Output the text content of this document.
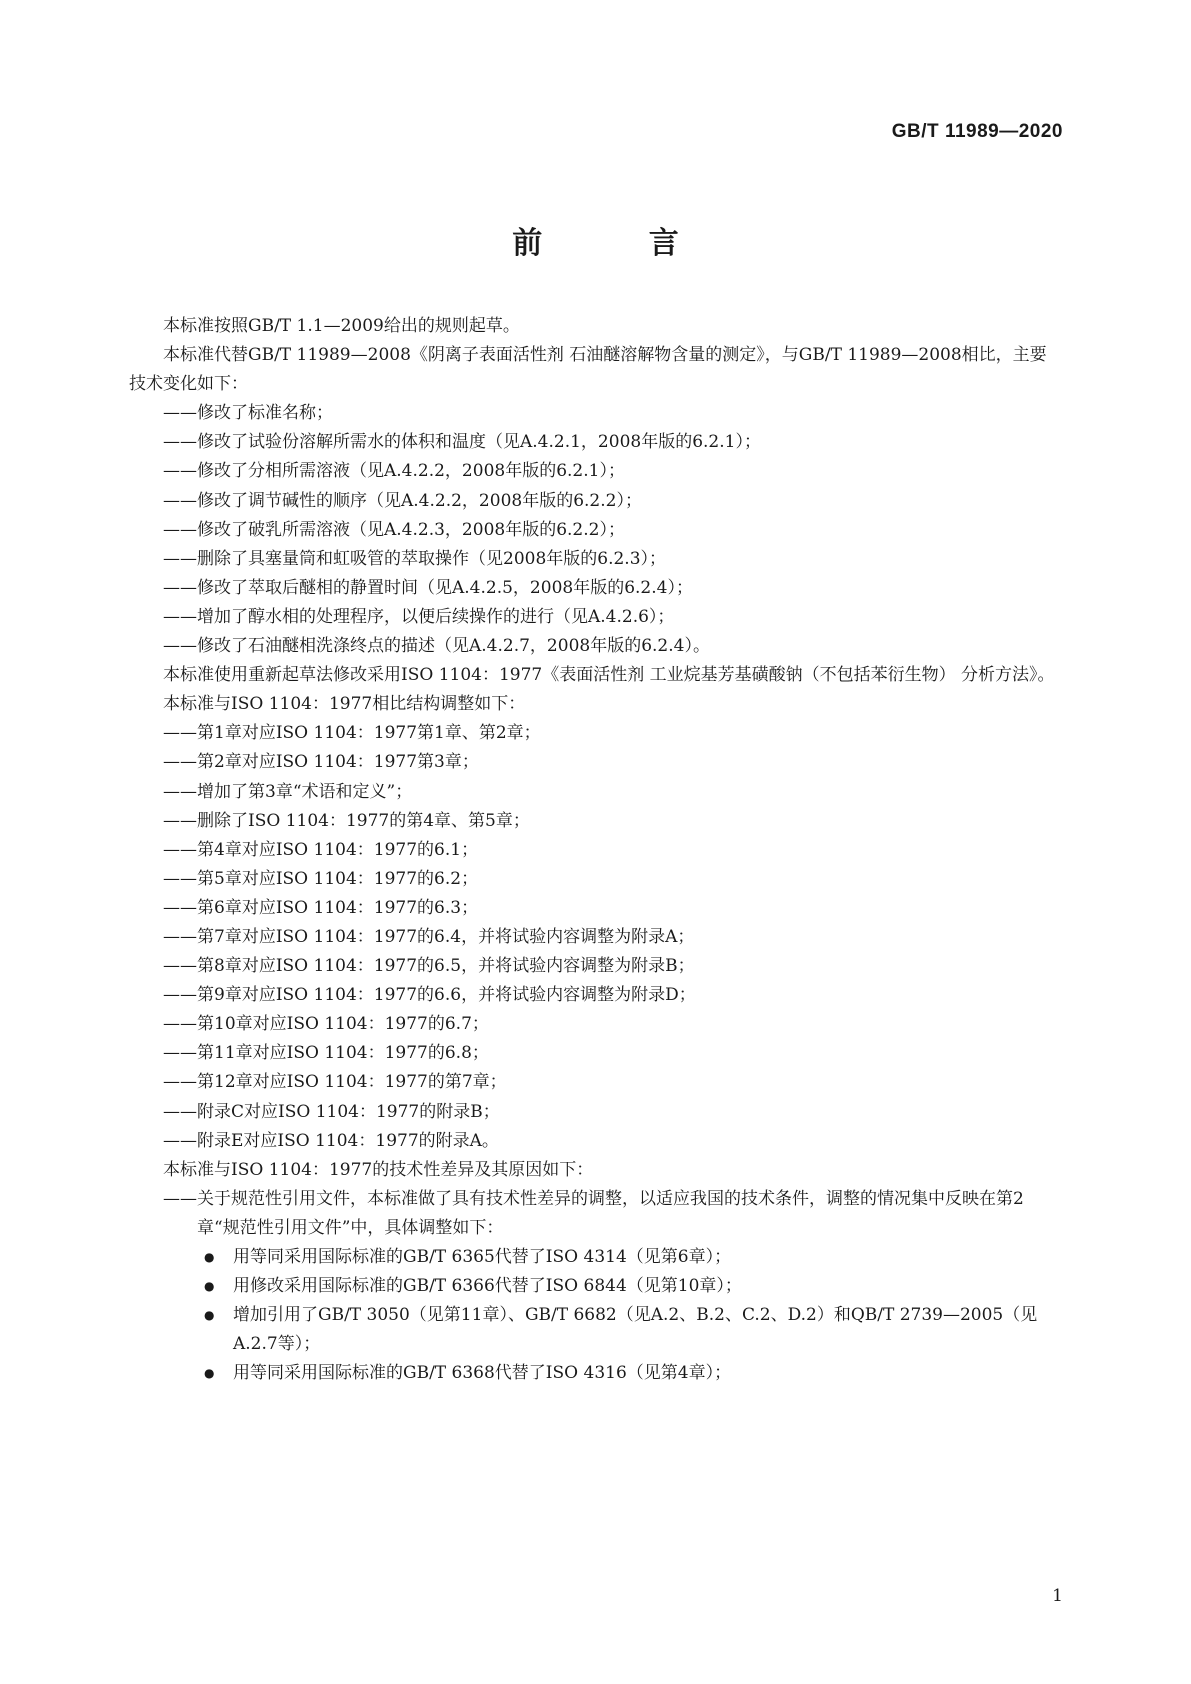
GB/T 11989—2020
前 言
本标准按照GB/T 1.1—2009给出的规则起草。
本标准代替GB/T 11989—2008《阴离子表面活性剂 石油醚溶解物含量的测定》，与GB/T 11989—2008相比，主要技术变化如下：
——修改了标准名称；
——修改了试验份溶解所需水的体积和温度（见A.4.2.1，2008年版的6.2.1）；
——修改了分相所需溶液（见A.4.2.2，2008年版的6.2.1）；
——修改了调节碱性的顺序（见A.4.2.2，2008年版的6.2.2）；
——修改了破乳所需溶液（见A.4.2.3，2008年版的6.2.2）；
——删除了具塞量筒和虹吸管的萃取操作（见2008年版的6.2.3）；
——修改了萃取后醚相的静置时间（见A.4.2.5，2008年版的6.2.4）；
——增加了醇水相的处理程序，以便后续操作的进行（见A.4.2.6）；
——修改了石油醚相洗涤终点的描述（见A.4.2.7，2008年版的6.2.4）。
本标准使用重新起草法修改采用ISO 1104：1977《表面活性剂 工业烷基芳基磺酸钠（不包括苯衍生物） 分析方法》。
本标准与ISO 1104：1977相比结构调整如下：
——第1章对应ISO 1104：1977第1章、第2章；
——第2章对应ISO 1104：1977第3章；
——增加了第3章“术语和定义”；
——删除了ISO 1104：1977的第4章、第5章；
——第4章对应ISO 1104：1977的6.1；
——第5章对应ISO 1104：1977的6.2；
——第6章对应ISO 1104：1977的6.3；
——第7章对应ISO 1104：1977的6.4，并将试验内容调整为附录A；
——第8章对应ISO 1104：1977的6.5，并将试验内容调整为附录B；
——第9章对应ISO 1104：1977的6.6，并将试验内容调整为附录D；
——第10章对应ISO 1104：1977的6.7；
——第11章对应ISO 1104：1977的6.8；
——第12章对应ISO 1104：1977的第7章；
——附录C对应ISO 1104：1977的附录B；
——附录E对应ISO 1104：1977的附录A。
本标准与ISO 1104：1977的技术性差异及其原因如下：
——关于规范性引用文件，本标准做了具有技术性差异的调整，以适应我国的技术条件，调整的情况集中反映在第2章“规范性引用文件”中，具体调整如下：
● 用等同采用国际标准的GB/T 6365代替了ISO 4314（见第6章）；
● 用修改采用国际标准的GB/T 6366代替了ISO 6844（见第10章）；
● 增加引用了GB/T 3050（见第11章）、GB/T 6682（见A.2、B.2、C.2、D.2）和QB/T 2739—2005（见A.2.7等）；
● 用等同采用国际标准的GB/T 6368代替了ISO 4316（见第4章）；
1
